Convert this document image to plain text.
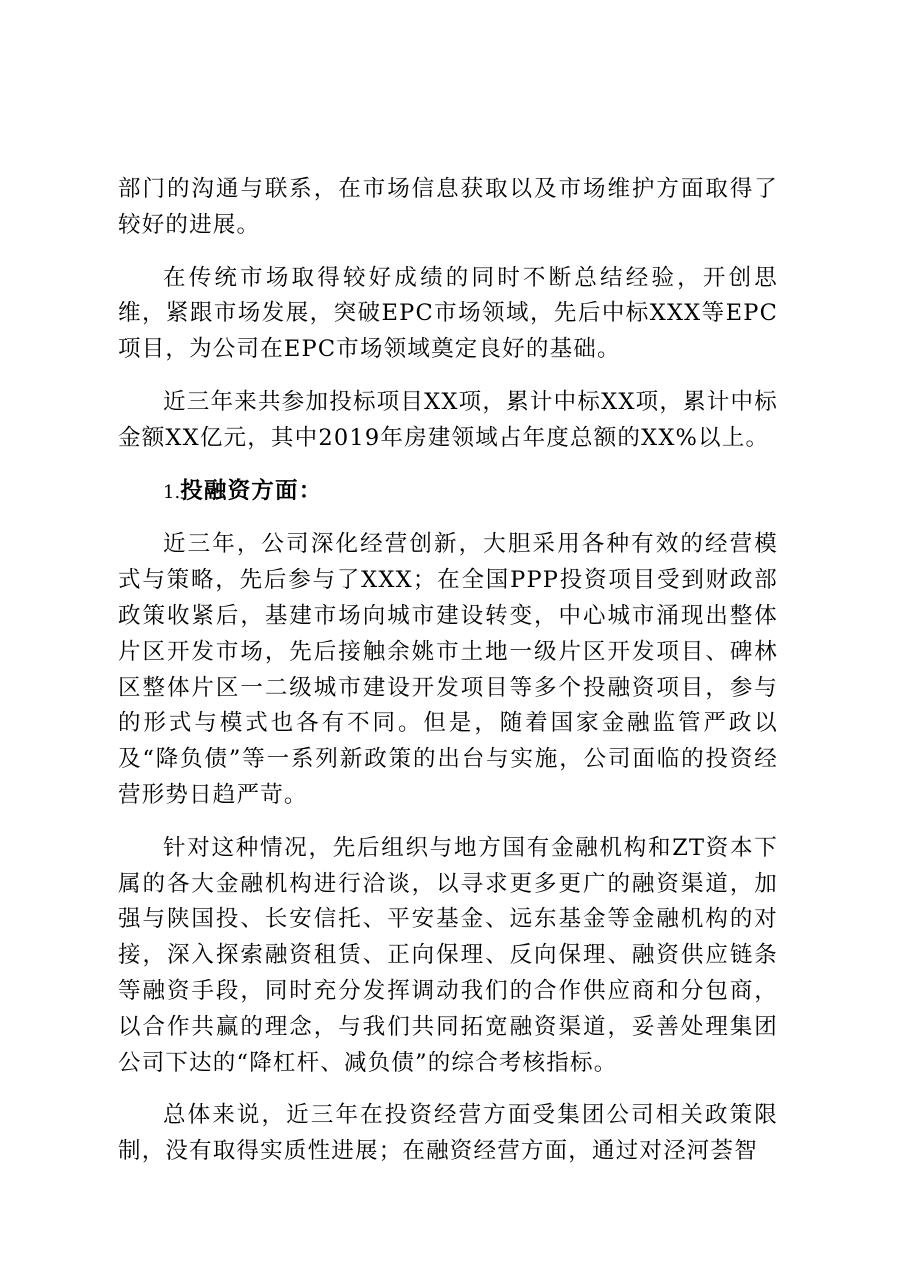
部门的沟通与联系，在市场信息获取以及市场维护方面取得了较好的进展。

在传统市场取得较好成绩的同时不断总结经验，开创思维，紧跟市场发展，突破EPC市场领域，先后中标XXX等EPC项目，为公司在EPC市场领域奠定良好的基础。

近三年来共参加投标项目XX项，累计中标XX项，累计中标金额XX亿元，其中2019年房建领域占年度总额的XX%以上。

1.投融资方面：

近三年，公司深化经营创新，大胆采用各种有效的经营模式与策略，先后参与了XXX；在全国PPP投资项目受到财政部政策收紧后，基建市场向城市建设转变，中心城市涌现出整体片区开发市场，先后接触余姚市土地一级片区开发项目、碑林区整体片区一二级城市建设开发项目等多个投融资项目，参与的形式与模式也各有不同。但是，随着国家金融监管严政以及“降负债”等一系列新政策的出台与实施，公司面临的投资经营形势日趋严苛。

针对这种情况，先后组织与地方国有金融机构和ZT资本下属的各大金融机构进行洽谈，以寻求更多更广的融资渠道，加强与陕国投、长安信托、平安基金、远东基金等金融机构的对接，深入探索融资租赁、正向保理、反向保理、融资供应链条等融资手段，同时充分发挥调动我们的合作供应商和分包商，以合作共赢的理念，与我们共同拓宽融资渠道，妥善处理集团公司下达的“降杠杆、减负债”的综合考核指标。

总体来说，近三年在投资经营方面受集团公司相关政策限制，没有取得实质性进展；在融资经营方面，通过对泾河荟智
